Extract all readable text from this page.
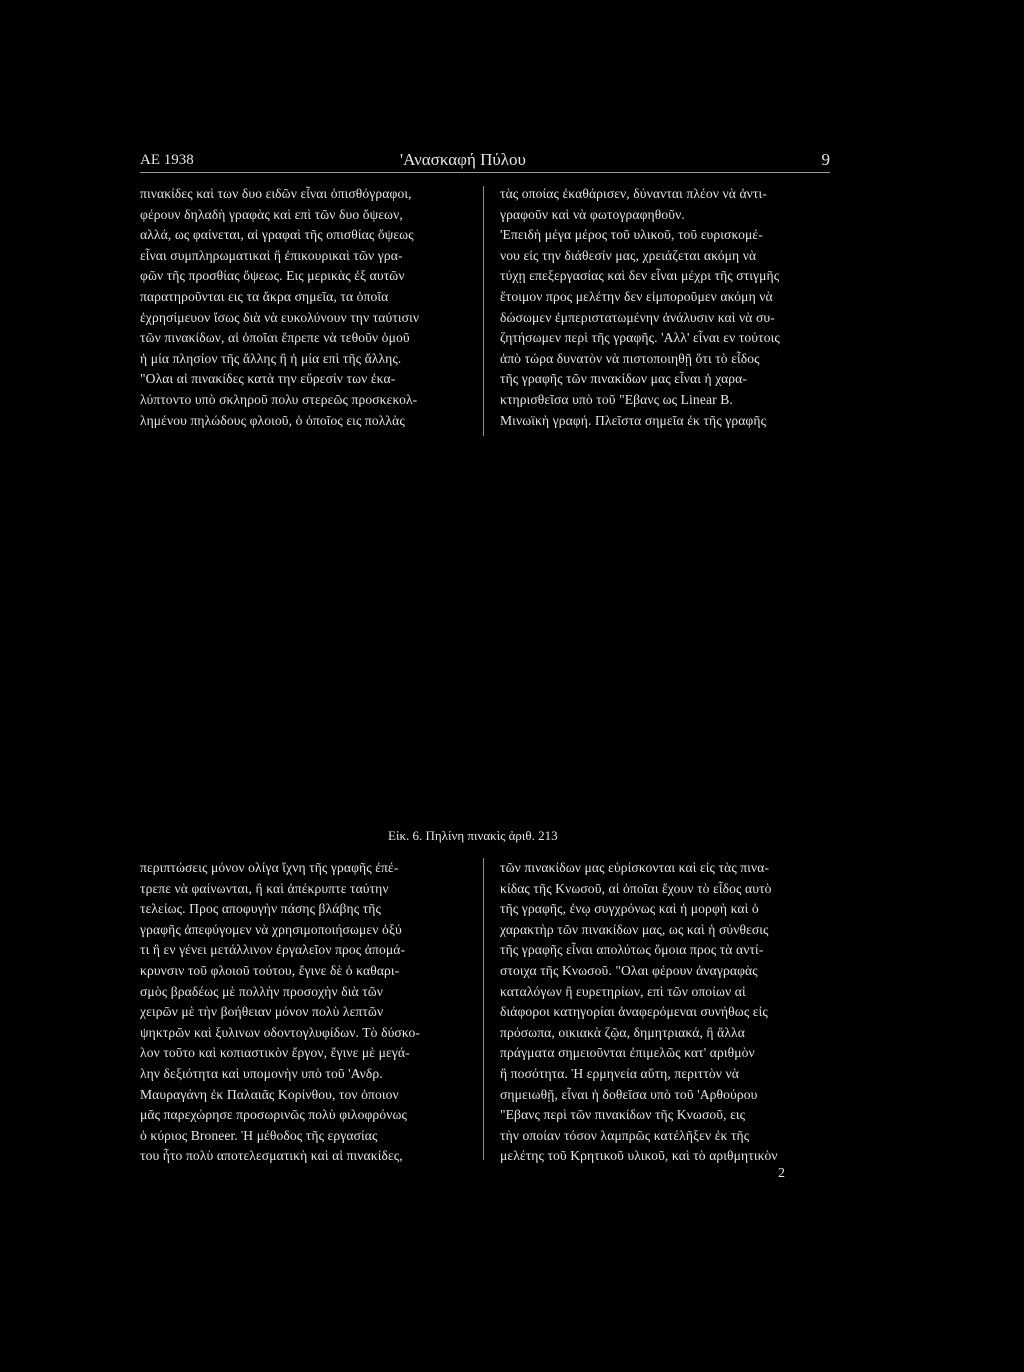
ΑΕ 1938	'Ανασκαφή Πύλου	9
πινακίδες καὶ των δυο ειδῶν εἶναι ὀπισθόγραφοι,
φέρουν δηλαδὴ γραφὰς καὶ επὶ τῶν δυο ὄψεων,
αλλά, ως φαίνεται, αἱ γραφαὶ τῆς οπισθίας ὄψεως
εἶναι συμπληρωματικαὶ ἢ ἐπικουρικαὶ τῶν γρα-
φῶν τῆς προσθίας ὄψεως. Εις μερικὰς ἐξ αυτῶν
παρατηροῦνται εις τα ἄκρα σημεῖα, τα ὁποῖα
ἐχρησίμευον ἴσως διὰ νὰ ευκολύνουν την ταύτισιν
τῶν πινακίδων, αἱ ὁποῖαι ἔπρεπε νὰ τεθοῦν ὁμοῦ
ἡ μία πλησίον τῆς ἄλλης ἢ ἡ μία επὶ τῆς ἄλλης.
"Ολαι αἱ πινακίδες κατὰ την εὕρεσίν των ἐκα-
λύπτοντο υπὸ σκληροῦ πολυ στερεῶς προσκεκολ-
λημένου πηλώδους φλοιοῦ, ὁ ὁποῖος εις πολλὰς
τὰς οποίας ἐκαθάρισεν, δύνανται πλέον νὰ ἀντι-
γραφοῦν καὶ νὰ φωτογραφηθοῦν.
'Επειδὴ μέγα μέρος τοῦ υλικοῦ, τοῦ ευρισκομέ-
νου εἰς την διάθεσίν μας, χρειάζεται ακόμη νὰ
τύχῃ επεξεργασίας καὶ δεν εἶναι μέχρι τῆς στιγμῆς
ἕτοιμον προς μελέτην δεν εἰμποροῦμεν ακόμη νὰ
δώσωμεν ἐμπεριστατωμένην ἀνάλυσιν καὶ νὰ συ-
ζητήσωμεν περὶ τῆς γραφῆς. 'Αλλ' εἶναι εν τούτοις
ἀπὸ τώρα δυνατὸν νὰ πιστοποιηθῇ ὅτι τὸ εἶδος
τῆς γραφῆς τῶν πινακίδων μας εἶναι ἡ χαρα-
κτηρισθεῖσα υπὸ τοῦ "Εβανς ως Linear B.
Μινωϊκὴ γραφή. Πλεῖστα σημεῖα ἐκ τῆς γραφῆς
Εἰκ. 6. Πηλίνη πινακὶς ἀριθ. 213
περιπτώσεις μόνον ολίγα ἴχνη τῆς γραφῆς ἐπέ-
τρεπε νὰ φαίνωνται, ἢ καὶ ἀπέκρυπτε ταύτην
τελείως. Προς αποφυγὴν πάσης βλάβης τῆς
γραφῆς ἀπεφύγομεν νὰ χρησιμοποιήσωμεν ὀξύ
τι ἢ εν γένει μετάλλινον ἐργαλεῖον προς ἀπομά-
κρυνσιν τοῦ φλοιοῦ τούτου, ἔγινε δὲ ὁ καθαρι-
σμὸς βραδέως μὲ πολλὴν προσοχὴν διὰ τῶν
χειρῶν μὲ τὴν βοήθειαν μόνον πολὺ λεπτῶν
ψηκτρῶν καὶ ξυλινων οδοντογλυφίδων. Τὸ δύσκο-
λον τοῦτο καὶ κοπιαστικὸν ἔργον, ἔγινε μὲ μεγά-
λην δεξιότητα καὶ υπομονὴν υπὸ τοῦ 'Ανδρ.
Μαυραγάνη ἐκ Παλαιᾶς Κορίνθου, τον ὁποιον
μᾶς παρεχώρησε προσωρινῶς πολὺ φιλοφρόνως
ὁ κύριος Broneer. Ἡ μέθοδος τῆς εργασίας
του ἦτο πολὺ αποτελεσματικὴ καὶ αἱ πινακίδες,
τῶν πινακίδων μας εὑρίσκονται καὶ εἰς τὰς πινα-
κίδας τῆς Κνωσοῦ, αἱ ὁποῖαι ἔχουν τὸ εἶδος αυτὸ
τῆς γραφῆς, ἐνῳ συγχρόνως καὶ ἡ μορφὴ καὶ ὁ
χαρακτὴρ τῶν πινακίδων μας, ως καὶ ἡ σύνθεσις
τῆς γραφῆς εἶναι απολύτως ὅμοια προς τὰ αντί-
στοιχα τῆς Κνωσοῦ. "Ολαι φέρουν ἀναγραφὰς
καταλόγων ἢ ευρετηρίων, επὶ τῶν οποίων αἱ
διάφοροι κατηγορίαι ἀναφερόμεναι συνήθως εἰς
πρόσωπα, οικιακὰ ζῷα, δημητριακά, ἢ ἄλλα
πράγματα σημειοῦνται ἐπιμελῶς κατ' αριθμὸν
ἢ ποσότητα. Ἡ ερμηνεία αὕτη, περιττὸν νὰ
σημειωθῇ, εἶναι ἡ δοθεῖσα υπὸ τοῦ 'Αρθούρου
"Εβανς περὶ τῶν πινακίδων τῆς Κνωσοῦ, εις
τὴν οποίαν τόσον λαμπρῶς κατέλῆξεν ἐκ τῆς
μελέτης τοῦ Κρητικοῦ υλικοῦ, καὶ τὸ αριθμητικὸν
2
